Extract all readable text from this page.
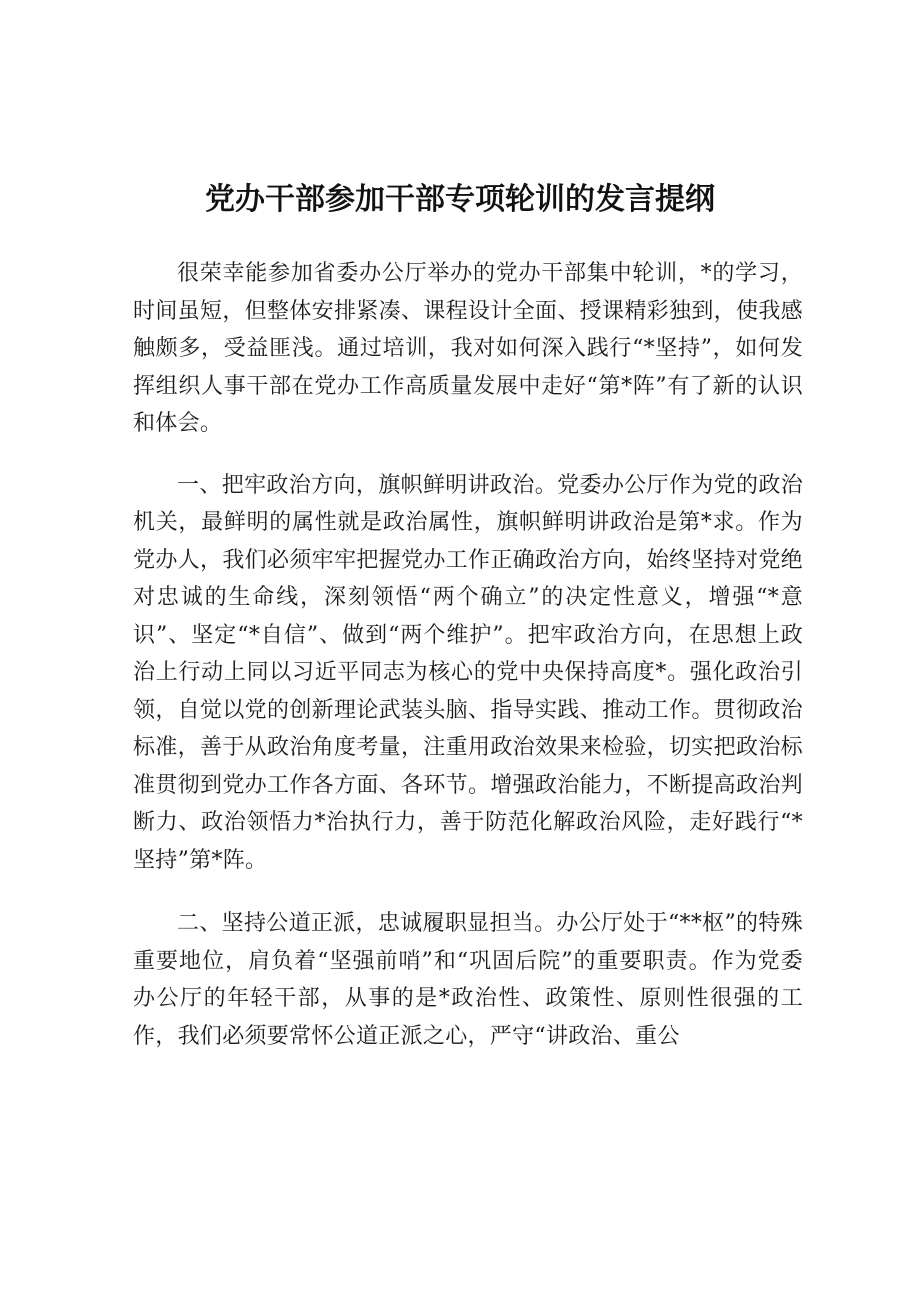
党办干部参加干部专项轮训的发言提纲

很荣幸能参加省委办公厅举办的党办干部集中轮训，*的学习，时间虽短，但整体安排紧凑、课程设计全面、授课精彩独到，使我感触颇多，受益匪浅。通过培训，我对如何深入践行“*坚持”，如何发挥组织人事干部在党办工作高质量发展中走好“第*阵”有了新的认识和体会。

一、把牢政治方向，旗帜鲜明讲政治。党委办公厅作为党的政治机关，最鲜明的属性就是政治属性，旗帜鲜明讲政治是第*求。作为党办人，我们必须牢牢把握党办工作正确政治方向，始终坚持对党绝对忠诚的生命线，深刻领悟“两个确立”的决定性意义，增强“*意识”、坚定“*自信”、做到“两个维护”。把牢政治方向，在思想上政治上行动上同以习近平同志为核心的党中央保持高度*。强化政治引领，自觉以党的创新理论武装头脑、指导实践、推动工作。贯彻政治标准，善于从政治角度考量，注重用政治效果来检验，切实把政治标准贯彻到党办工作各方面、各环节。增强政治能力，不断提高政治判断力、政治领悟力*治执行力，善于防范化解政治风险，走好践行“*坚持”第*阵。

二、坚持公道正派，忠诚履职显担当。办公厅处于“**枢”的特殊重要地位，肩负着“坚强前哨”和“巩固后院”的重要职责。作为党委办公厅的年轻干部，从事的是*政治性、政策性、原则性很强的工作，我们必须要常怀公道正派之心，严守“讲政治、重公
